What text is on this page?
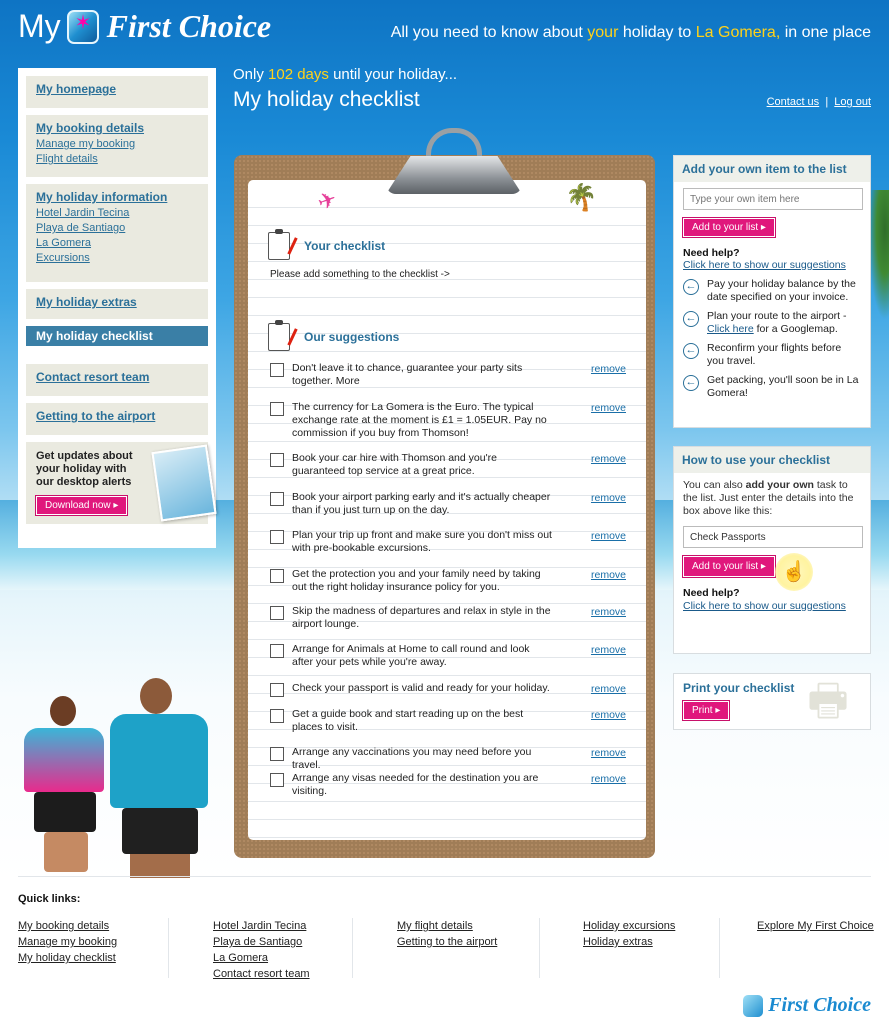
My
✶ First Choice	All you need to know about your holiday to La Gomera, in one place
My homepage
My booking details
Manage my booking
Flight details
My holiday information
Hotel Jardin Tecina
Playa de Santiago
La Gomera
Excursions
My holiday extras
My holiday checklist
Contact resort team
Getting to the airport
Get updates about your holiday with our desktop alerts
Download now ▸
Only 102 days until your holiday...
My holiday checklist	Contact us | Log out
✈	🌴
Your checklist
Please add something to the checklist ->
Our suggestions
Don't leave it to chance, guarantee your party sits together. More
remove
The currency for La Gomera is the Euro. The typical exchange rate at the moment is £1 = 1.05EUR. Pay no commission if you buy from Thomson!
remove
Book your car hire with Thomson and you're guaranteed top service at a great price.
remove
Book your airport parking early and it's actually cheaper than if you just turn up on the day.
remove
Plan your trip up front and make sure you don't miss out with pre-bookable excursions.
remove
Get the protection you and your family need by taking out the right holiday insurance policy for you.
remove
Skip the madness of departures and relax in style in the airport lounge.
remove
Arrange for Animals at Home to call round and look after your pets while you're away.
remove
Check your passport is valid and ready for your holiday.	remove
Get a guide book and start reading up on the best places to visit.
remove
Arrange any vaccinations you may need before you travel.
remove
Arrange any visas needed for the destination you are visiting.
remove
Add your own item to the list
Type your own item here
Add to your list ▸
Need help?
Click here to show our suggestions
← Pay your holiday balance by the date specified on your invoice.
← Plan your route to the airport - Click here for a Googlemap.
← Reconfirm your flights before you travel.
← Get packing, you'll soon be in La Gomera!
How to use your checklist
You can also add your own task to the list. Just enter the details into the box above like this:
Check Passports
Add to your list ▸
Need help?
Click here to show our suggestions
☝
Print your checklist
Print ▸	🖶
Quick links:
My booking details
Manage my booking
My holiday checklist
Hotel Jardin Tecina
Playa de Santiago
La Gomera
Contact resort team
My flight details
Getting to the airport
Holiday excursions
Holiday extras
Explore My First Choice
First Choice
